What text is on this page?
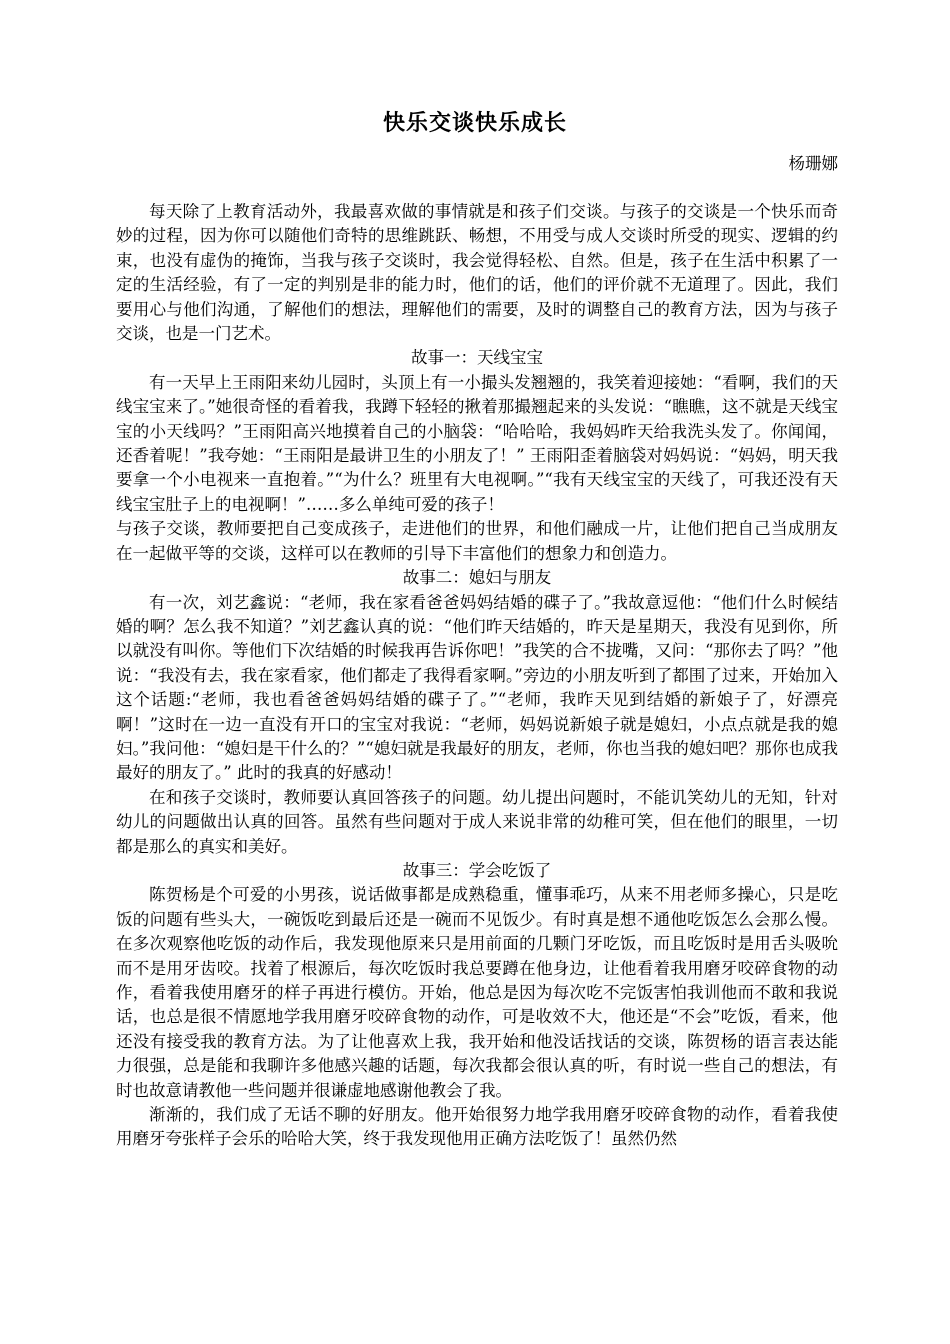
快乐交谈快乐成长
杨珊娜

每天除了上教育活动外，我最喜欢做的事情就是和孩子们交谈。与孩子的交谈是一个快乐而奇妙的过程，因为你可以随他们奇特的思维跳跃、畅想，不用受与成人交谈时所受的现实、逻辑的约束，也没有虚伪的掩饰，当我与孩子交谈时，我会觉得轻松、自然。但是，孩子在生活中积累了一定的生活经验，有了一定的判别是非的能力时，他们的话，他们的评价就不无道理了。因此，我们要用心与他们沟通，了解他们的想法，理解他们的需要，及时的调整自己的教育方法，因为与孩子交谈，也是一门艺术。

故事一：天线宝宝

有一天早上王雨阳来幼儿园时，头顶上有一小撮头发翘翘的，我笑着迎接她：“看啊，我们的天线宝宝来了。”她很奇怪的看着我，我蹲下轻轻的揪着那撮翘起来的头发说：“瞧瞧，这不就是天线宝宝的小天线吗？”王雨阳高兴地摸着自己的小脑袋：“哈哈哈，我妈妈昨天给我洗头发了。你闻闻，还香着呢！”我夸她：“王雨阳是最讲卫生的小朋友了！” 王雨阳歪着脑袋对妈妈说：“妈妈，明天我要拿一个小电视来一直抱着。”“为什么？班里有大电视啊。”“我有天线宝宝的天线了，可我还没有天线宝宝肚子上的电视啊！”……多么单纯可爱的孩子！

与孩子交谈，教师要把自己变成孩子，走进他们的世界，和他们融成一片，让他们把自己当成朋友在一起做平等的交谈，这样可以在教师的引导下丰富他们的想象力和创造力。

故事二：媳妇与朋友

有一次，刘艺鑫说：“老师，我在家看爸爸妈妈结婚的碟子了。”我故意逗他：“他们什么时候结婚的啊？怎么我不知道？”刘艺鑫认真的说：“他们昨天结婚的，昨天是星期天，我没有见到你，所以就没有叫你。等他们下次结婚的时候我再告诉你吧！”我笑的合不拢嘴，又问：“那你去了吗？”他说：“我没有去，我在家看家，他们都走了我得看家啊。”旁边的小朋友听到了都围了过来，开始加入这个话题:“老师，我也看爸爸妈妈结婚的碟子了。”“老师，我昨天见到结婚的新娘子了，好漂亮啊！”这时在一边一直没有开口的宝宝对我说：“老师，妈妈说新娘子就是媳妇，小点点就是我的媳妇。”我问他：“媳妇是干什么的？”“媳妇就是我最好的朋友，老师，你也当我的媳妇吧？那你也成我最好的朋友了。” 此时的我真的好感动！

在和孩子交谈时，教师要认真回答孩子的问题。幼儿提出问题时，不能讥笑幼儿的无知，针对幼儿的问题做出认真的回答。虽然有些问题对于成人来说非常的幼稚可笑，但在他们的眼里，一切都是那么的真实和美好。

故事三：学会吃饭了

陈贺杨是个可爱的小男孩，说话做事都是成熟稳重，懂事乖巧，从来不用老师多操心，只是吃饭的问题有些头大，一碗饭吃到最后还是一碗而不见饭少。有时真是想不通他吃饭怎么会那么慢。在多次观察他吃饭的动作后，我发现他原来只是用前面的几颗门牙吃饭，而且吃饭时是用舌头吸吮而不是用牙齿咬。找着了根源后，每次吃饭时我总要蹲在他身边，让他看着我用磨牙咬碎食物的动作，看着我使用磨牙的样子再进行模仿。开始，他总是因为每次吃不完饭害怕我训他而不敢和我说话，也总是很不情愿地学我用磨牙咬碎食物的动作，可是收效不大，他还是“不会”吃饭，看来，他还没有接受我的教育方法。为了让他喜欢上我，我开始和他没话找话的交谈，陈贺杨的语言表达能力很强，总是能和我聊许多他感兴趣的话题，每次我都会很认真的听，有时说一些自己的想法，有时也故意请教他一些问题并很谦虚地感谢他教会了我。

渐渐的，我们成了无话不聊的好朋友。他开始很努力地学我用磨牙咬碎食物的动作，看着我使用磨牙夸张样子会乐的哈哈大笑，终于我发现他用正确方法吃饭了！虽然仍然
